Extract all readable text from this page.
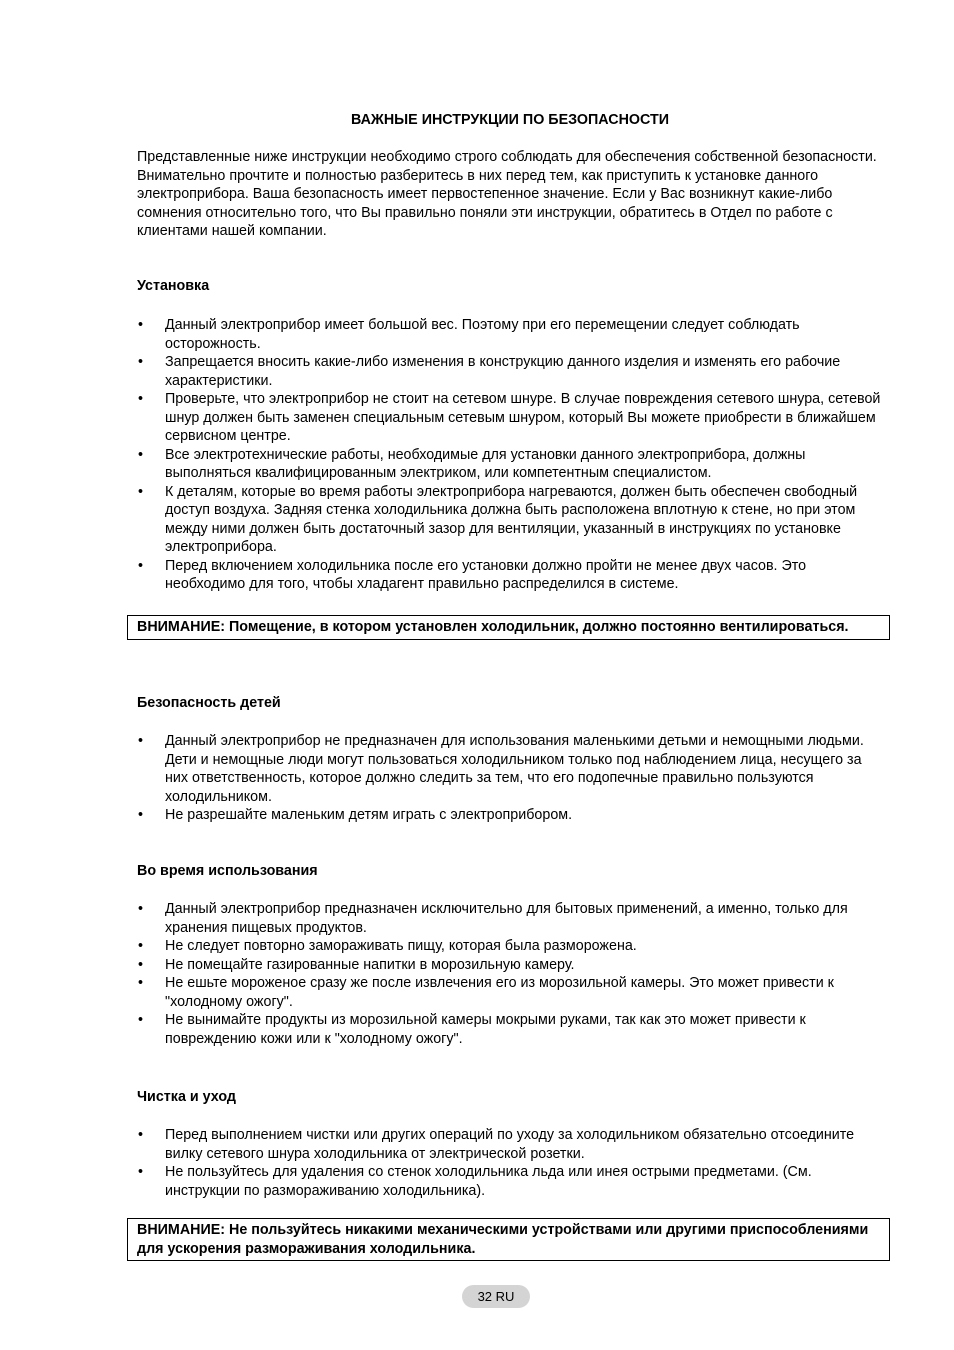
ВАЖНЫЕ ИНСТРУКЦИИ ПО БЕЗОПАСНОСТИ

Представленные ниже инструкции необходимо строго соблюдать для обеспечения собственной безопасности. Внимательно прочтите и полностью разберитесь в них перед тем, как приступить к установке данного электроприбора. Ваша безопасность имеет первостепенное значение. Если у Вас возникнут какие-либо сомнения относительно того, что Вы правильно поняли эти инструкции, обратитесь в Отдел по работе с клиентами нашей компании.

Установка

• Данный электроприбор имеет большой вес. Поэтому при его перемещении следует соблюдать осторожность.
• Запрещается вносить какие-либо изменения в конструкцию данного изделия и изменять его рабочие характеристики.
• Проверьте, что электроприбор не стоит на сетевом шнуре. В случае повреждения сетевого шнура, сетевой шнур должен быть заменен специальным сетевым шнуром, который Вы можете приобрести в ближайшем сервисном центре.
• Все электротехнические работы, необходимые для установки данного электроприбора, должны выполняться квалифицированным электриком, или компетентным специалистом.
• К деталям, которые во время работы электроприбора нагреваются, должен быть обеспечен свободный доступ воздуха. Задняя стенка холодильника должна быть расположена вплотную к стене, но при этом между ними должен быть достаточный зазор для вентиляции, указанный в инструкциях по установке электроприбора.
• Перед включением холодильника после его установки должно пройти не менее двух часов. Это необходимо для того, чтобы хладагент правильно распределился в системе.
ВНИМАНИЕ: Помещение, в котором установлен холодильник, должно постоянно вентилироваться.

Безопасность детей

• Данный электроприбор не предназначен для использования маленькими детьми и немощными людьми. Дети и немощные люди могут пользоваться холодильником только под наблюдением лица, несущего за них ответственность, которое должно следить за тем, что его подопечные правильно пользуются холодильником.
• Не разрешайте маленьким детям играть с электроприбором.

Во время использования

• Данный электроприбор предназначен исключительно для бытовых применений, а именно, только для хранения пищевых продуктов.
• Не следует повторно замораживать пищу, которая была разморожена.
• Не помещайте газированные напитки в морозильную камеру.
• Не ешьте мороженое сразу же после извлечения его из морозильной камеры. Это может привести к "холодному ожогу".
• Не вынимайте продукты из морозильной камеры мокрыми руками, так как это может привести к повреждению кожи или к "холодному ожогу".

Чистка и уход

• Перед выполнением чистки или других операций по уходу за холодильником обязательно отсоедините вилку сетевого шнура холодильника от электрической розетки.
• Не пользуйтесь для удаления со стенок холодильника льда или инея острыми предметами. (См. инструкции по размораживанию холодильника).
ВНИМАНИЕ: Не пользуйтесь никакими механическими устройствами или другими приспособлениями для ускорения размораживания холодильника.
32 RU
